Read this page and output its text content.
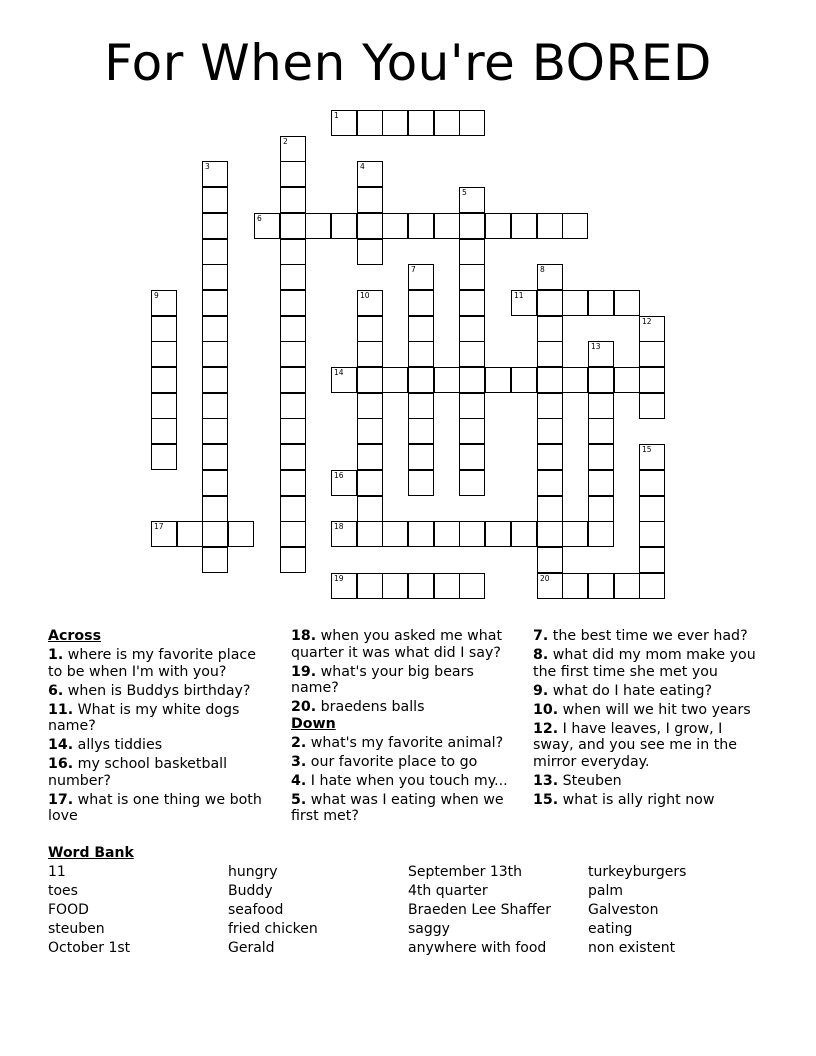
For When You're BORED
1
2
3	4
5
6
7	8
9	10	11
12
13
14
15
16
17	18
19	20
Across
1. where is my favorite place to be when I'm with you?
6. when is Buddys birthday?
11. What is my white dogs name?
14. allys tiddies
16. my school basketball number?
17. what is one thing we both love
18. when you asked me what quarter it was what did I say?
19. what's your big bears name?
20. braedens balls
Down
2. what's my favorite animal?
3. our favorite place to go
4. I hate when you touch my...
5. what was I eating when we first met?
7. the best time we ever had?
8. what did my mom make you the first time she met you
9. what do I hate eating?
10. when will we hit two years
12. I have leaves, I grow, I sway, and you see me in the mirror everyday.
13. Steuben
15. what is ally right now
Word Bank
11
toes
FOOD
steuben
October 1st
hungry
Buddy
seafood
fried chicken
Gerald
September 13th
4th quarter
Braeden Lee Shaffer
saggy
anywhere with food
turkeyburgers
palm
Galveston
eating
non existent
